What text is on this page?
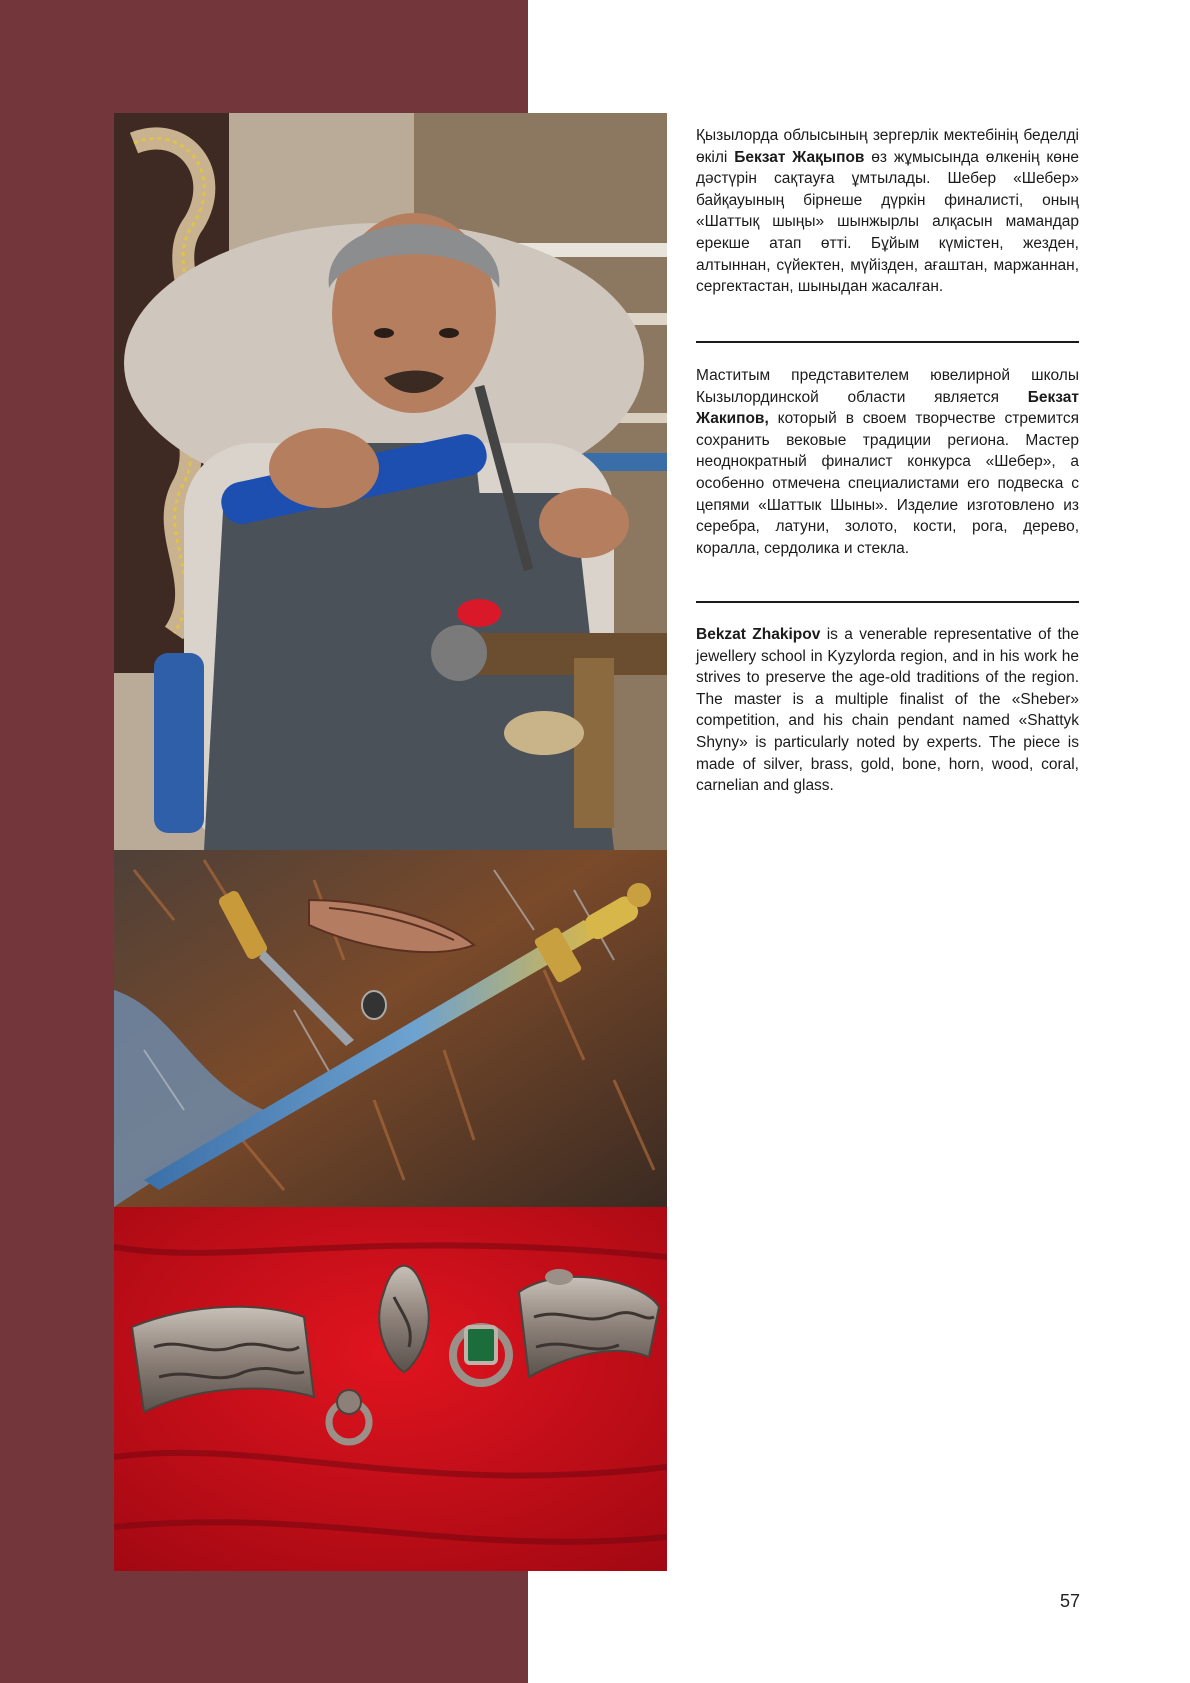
Қызылорда облысының зергерлік мектебінің беделді өкілі Бекзат Жақыпов өз жұмысында өлкенің көне дәстүрін сақтауға ұмтылады. Шебер «Шебер» байқауының бірнеше дүркін финалисті, оның «Шаттық шыңы» шынжырлы алқасын мамандар ерекше атап өтті. Бұйым күмістен, жезден, алтыннан, сүйектен, мүйізден, ағаштан, маржаннан, сергектастан, шыныдан жасалған.

Маститым представителем ювелирной школы Кызылординской области является Бекзат Жакипов, который в своем творчестве стремится сохранить вековые традиции региона. Мастер неоднократный финалист конкурса «Шебер», а особенно отмечена специалистами его подвеска с цепями «Шаттык Шыны». Изделие изготовлено из серебра, латуни, золото, кости, рога, дерево, коралла, сердолика и стекла.

Bekzat Zhakipov is a venerable representative of the jewellery school in Kyzylorda region, and in his work he strives to preserve the age-old traditions of the region. The master is a multiple finalist of the «Sheber» competition, and his chain pendant named «Shattyk Shyny» is particularly noted by experts. The piece is made of silver, brass, gold, bone, horn, wood, coral, carnelian and glass.

57
